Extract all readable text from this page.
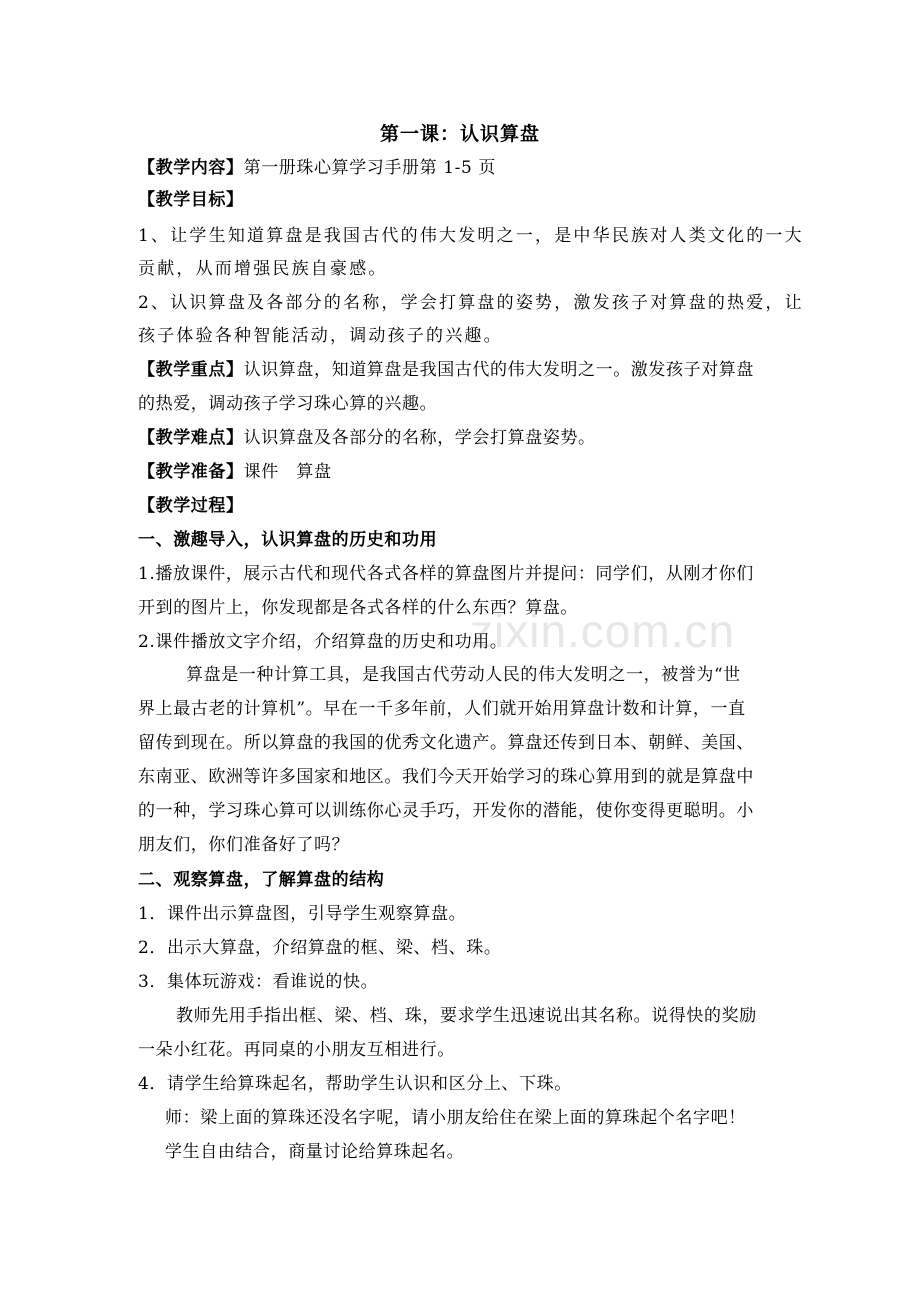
zixin.com.cn
第一课：认识算盘
【教学内容】第一册珠心算学习手册第 1-5 页
【教学目标】
1、让学生知道算盘是我国古代的伟大发明之一，是中华民族对人类文化的一大
贡献，从而增强民族自豪感。
2、认识算盘及各部分的名称，学会打算盘的姿势，激发孩子对算盘的热爱，让
孩子体验各种智能活动，调动孩子的兴趣。
【教学重点】认识算盘，知道算盘是我国古代的伟大发明之一。激发孩子对算盘
的热爱，调动孩子学习珠心算的兴趣。
【教学难点】认识算盘及各部分的名称，学会打算盘姿势。
【教学准备】课件　算盘
【教学过程】
一、激趣导入，认识算盘的历史和功用
1.播放课件，展示古代和现代各式各样的算盘图片并提问：同学们，从刚才你们
开到的图片上，你发现都是各式各样的什么东西？算盘。
2.课件播放文字介绍，介绍算盘的历史和功用。
算盘是一种计算工具，是我国古代劳动人民的伟大发明之一，被誉为“世
界上最古老的计算机”。早在一千多年前，人们就开始用算盘计数和计算，一直
留传到现在。所以算盘的我国的优秀文化遗产。算盘还传到日本、朝鲜、美国、
东南亚、欧洲等许多国家和地区。我们今天开始学习的珠心算用到的就是算盘中
的一种，学习珠心算可以训练你心灵手巧，开发你的潜能，使你变得更聪明。小
朋友们，你们准备好了吗？
二、观察算盘，了解算盘的结构
1．课件出示算盘图，引导学生观察算盘。
2．出示大算盘，介绍算盘的框、梁、档、珠。
3．集体玩游戏：看谁说的快。
教师先用手指出框、梁、档、珠，要求学生迅速说出其名称。说得快的奖励
一朵小红花。再同桌的小朋友互相进行。
4．请学生给算珠起名，帮助学生认识和区分上、下珠。
师：梁上面的算珠还没名字呢，请小朋友给住在梁上面的算珠起个名字吧！
学生自由结合，商量讨论给算珠起名。
